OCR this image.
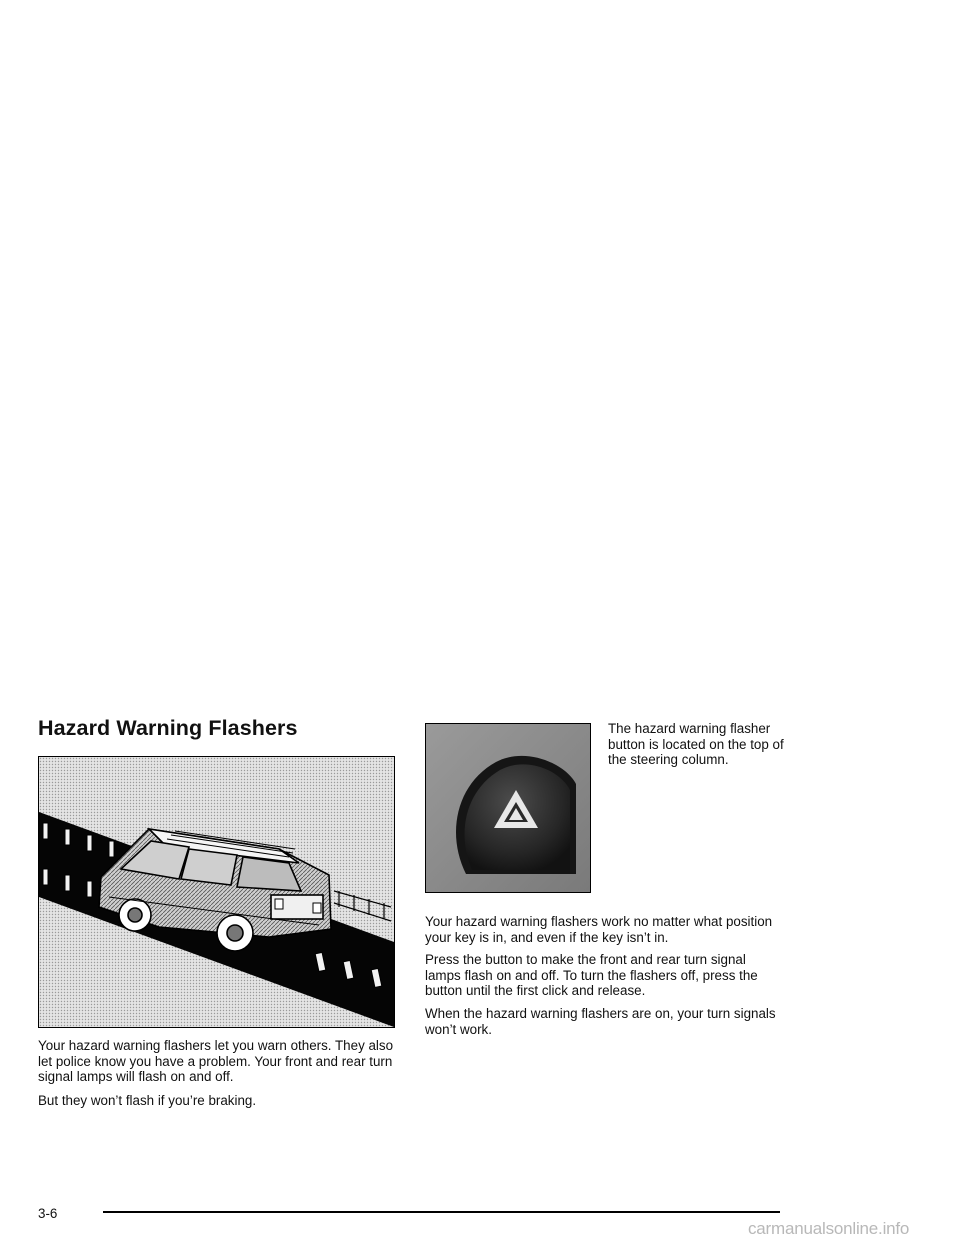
Hazard Warning Flashers	The hazard warning flasher button is located on the top of the steering column.

Your hazard warning flashers let you warn others. They also let police know you have a problem. Your front and rear turn signal lamps will flash on and off.

But they won’t flash if you’re braking.

Your hazard warning flashers work no matter what position your key is in, and even if the key isn’t in.

Press the button to make the front and rear turn signal lamps flash on and off. To turn the flashers off, press the button until the first click and release.

When the hazard warning flashers are on, your turn signals won’t work.

3-6

carmanualsonline.info
